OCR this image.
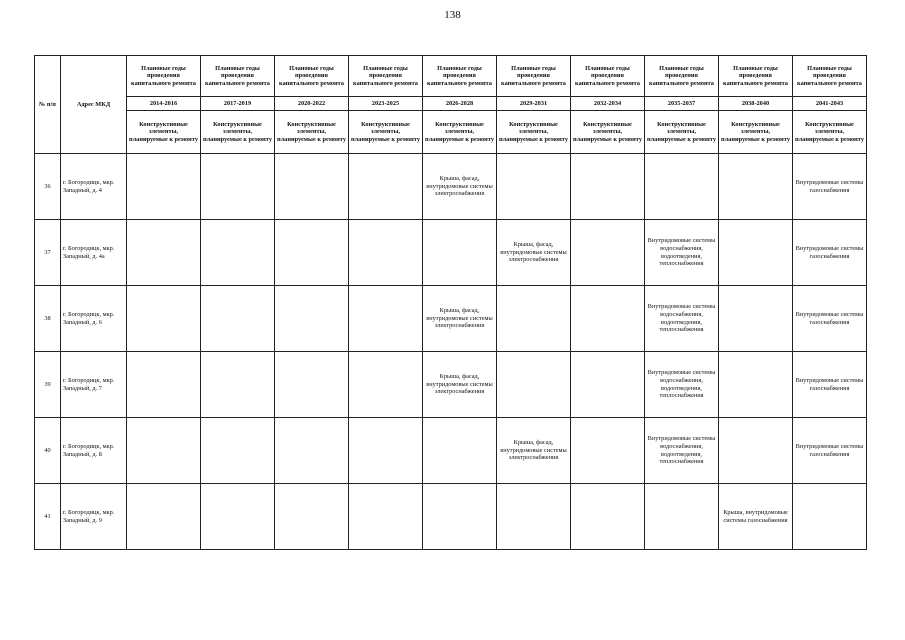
138
№ п/п	Адрес МКД	Плановые годы проведения капитального ремонта	Плановые годы проведения капитального ремонта	Плановые годы проведения капитального ремонта	Плановые годы проведения капитального ремонта	Плановые годы проведения капитального ремонта	Плановые годы проведения капитального ремонта	Плановые годы проведения капитального ремонта	Плановые годы проведения капитального ремонта	Плановые годы проведения капитального ремонта	Плановые годы проведения капитального ремонта
		2014-2016	2017-2019	2020-2022	2023-2025	2026-2028	2029-2031	2032-2034	2035-2037	2038-2040	2041-2043
		Конструктивные элементы, планируемые к ремонту	Конструктивные элементы, планируемые к ремонту	Конструктивные элементы, планируемые к ремонту	Конструктивные элементы, планируемые к ремонту	Конструктивные элементы, планируемые к ремонту	Конструктивные элементы, планируемые к ремонту	Конструктивные элементы, планируемые к ремонту	Конструктивные элементы, планируемые к ремонту	Конструктивные элементы, планируемые к ремонту	Конструктивные элементы, планируемые к ремонту
36	г. Богородицк, мкр. Западный, д. 4					Крыша, фасад, внутридомовые системы электроснабжения					Внутридомовые системы газоснабжения
37	г. Богородицк, мкр. Западный, д. 4а						Крыша, фасад, внутридомовые системы электроснабжения		Внутридомовые системы водоснабжения, водоотведения, теплоснабжения		Внутридомовые системы газоснабжения
38	г. Богородицк, мкр. Западный, д. 6					Крыша, фасад, внутридомовые системы электроснабжения			Внутридомовые системы водоснабжения, водоотведения, теплоснабжения		Внутридомовые системы газоснабжения
39	г. Богородицк, мкр. Западный, д. 7					Крыша, фасад, внутридомовые системы электроснабжения			Внутридомовые системы водоснабжения, водоотведения, теплоснабжения		Внутридомовые системы газоснабжения
40	г. Богородицк, мкр. Западный, д. 8						Крыша, фасад, внутридомовые системы электроснабжения		Внутридомовые системы водоснабжения, водоотведения, теплоснабжения		Внутридомовые системы газоснабжения
41	г. Богородицк, мкр. Западный, д. 9									Крыша, внутридомовые системы газоснабжения	
